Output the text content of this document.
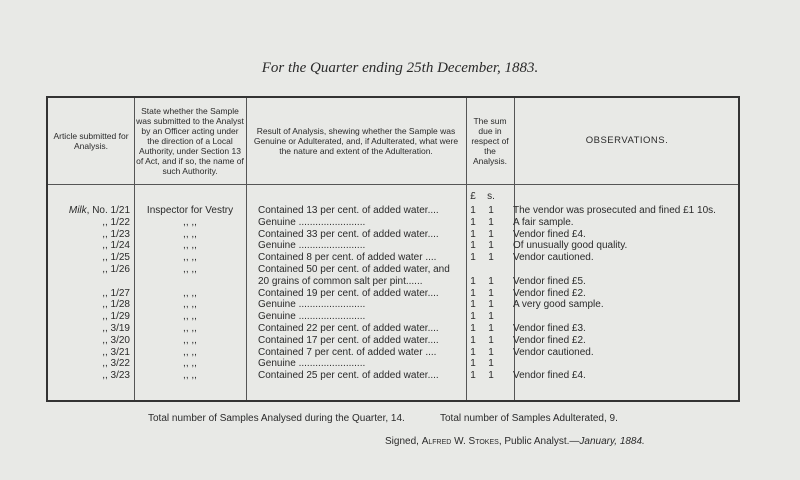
For the Quarter ending 25th December, 1883.
Article submitted for Analysis.
State whether the Sample was submitted to the Analyst by an Officer acting under the direction of a Local Authority, under Section 13 of Act, and if so, the name of such Authority.
Result of Analysis, shewing whether the Sample was Genuine or Adulterated, and, if Adulterated, what were the nature and extent of the Adulteration.
The sum due in respect of the Analysis.
OBSERVATIONS.
£	s.
Milk, No. 1/21	Inspector for Vestry	Contained 13 per cent. of added water....	1	1	The vendor was prosecuted and fined £1 10s.
,, 1/22	,, ,,	Genuine ........................	1	1	A fair sample.
,, 1/23	,, ,,	Contained 33 per cent. of added water....	1	1	Vendor fined £4.
,, 1/24	,, ,,	Genuine ........................	1	1	Of unusually good quality.
,, 1/25	,, ,,	Contained 8 per cent. of added water ....	1	1	Vendor cautioned.
,, 1/26	,, ,,	Contained 50 per cent. of added water, and
20 grains of common salt per pint......	1	1	Vendor fined £5.
,, 1/27	,, ,,	Contained 19 per cent. of added water....	1	1	Vendor fined £2.
,, 1/28	,, ,,	Genuine ........................	1	1	A very good sample.
,, 1/29	,, ,,	Genuine ........................	1	1
,, 3/19	,, ,,	Contained 22 per cent. of added water....	1	1	Vendor fined £3.
,, 3/20	,, ,,	Contained 17 per cent. of added water....	1	1	Vendor fined £2.
,, 3/21	,, ,,	Contained 7 per cent. of added water ....	1	1	Vendor cautioned.
,, 3/22	,, ,,	Genuine ........................	1	1
,, 3/23	,, ,,	Contained 25 per cent. of added water....	1	1	Vendor fined £4.
Total number of Samples Analysed during the Quarter, 14.	Total number of Samples Adulterated, 9.
Signed, Alfred W. Stokes, Public Analyst.—January, 1884.
